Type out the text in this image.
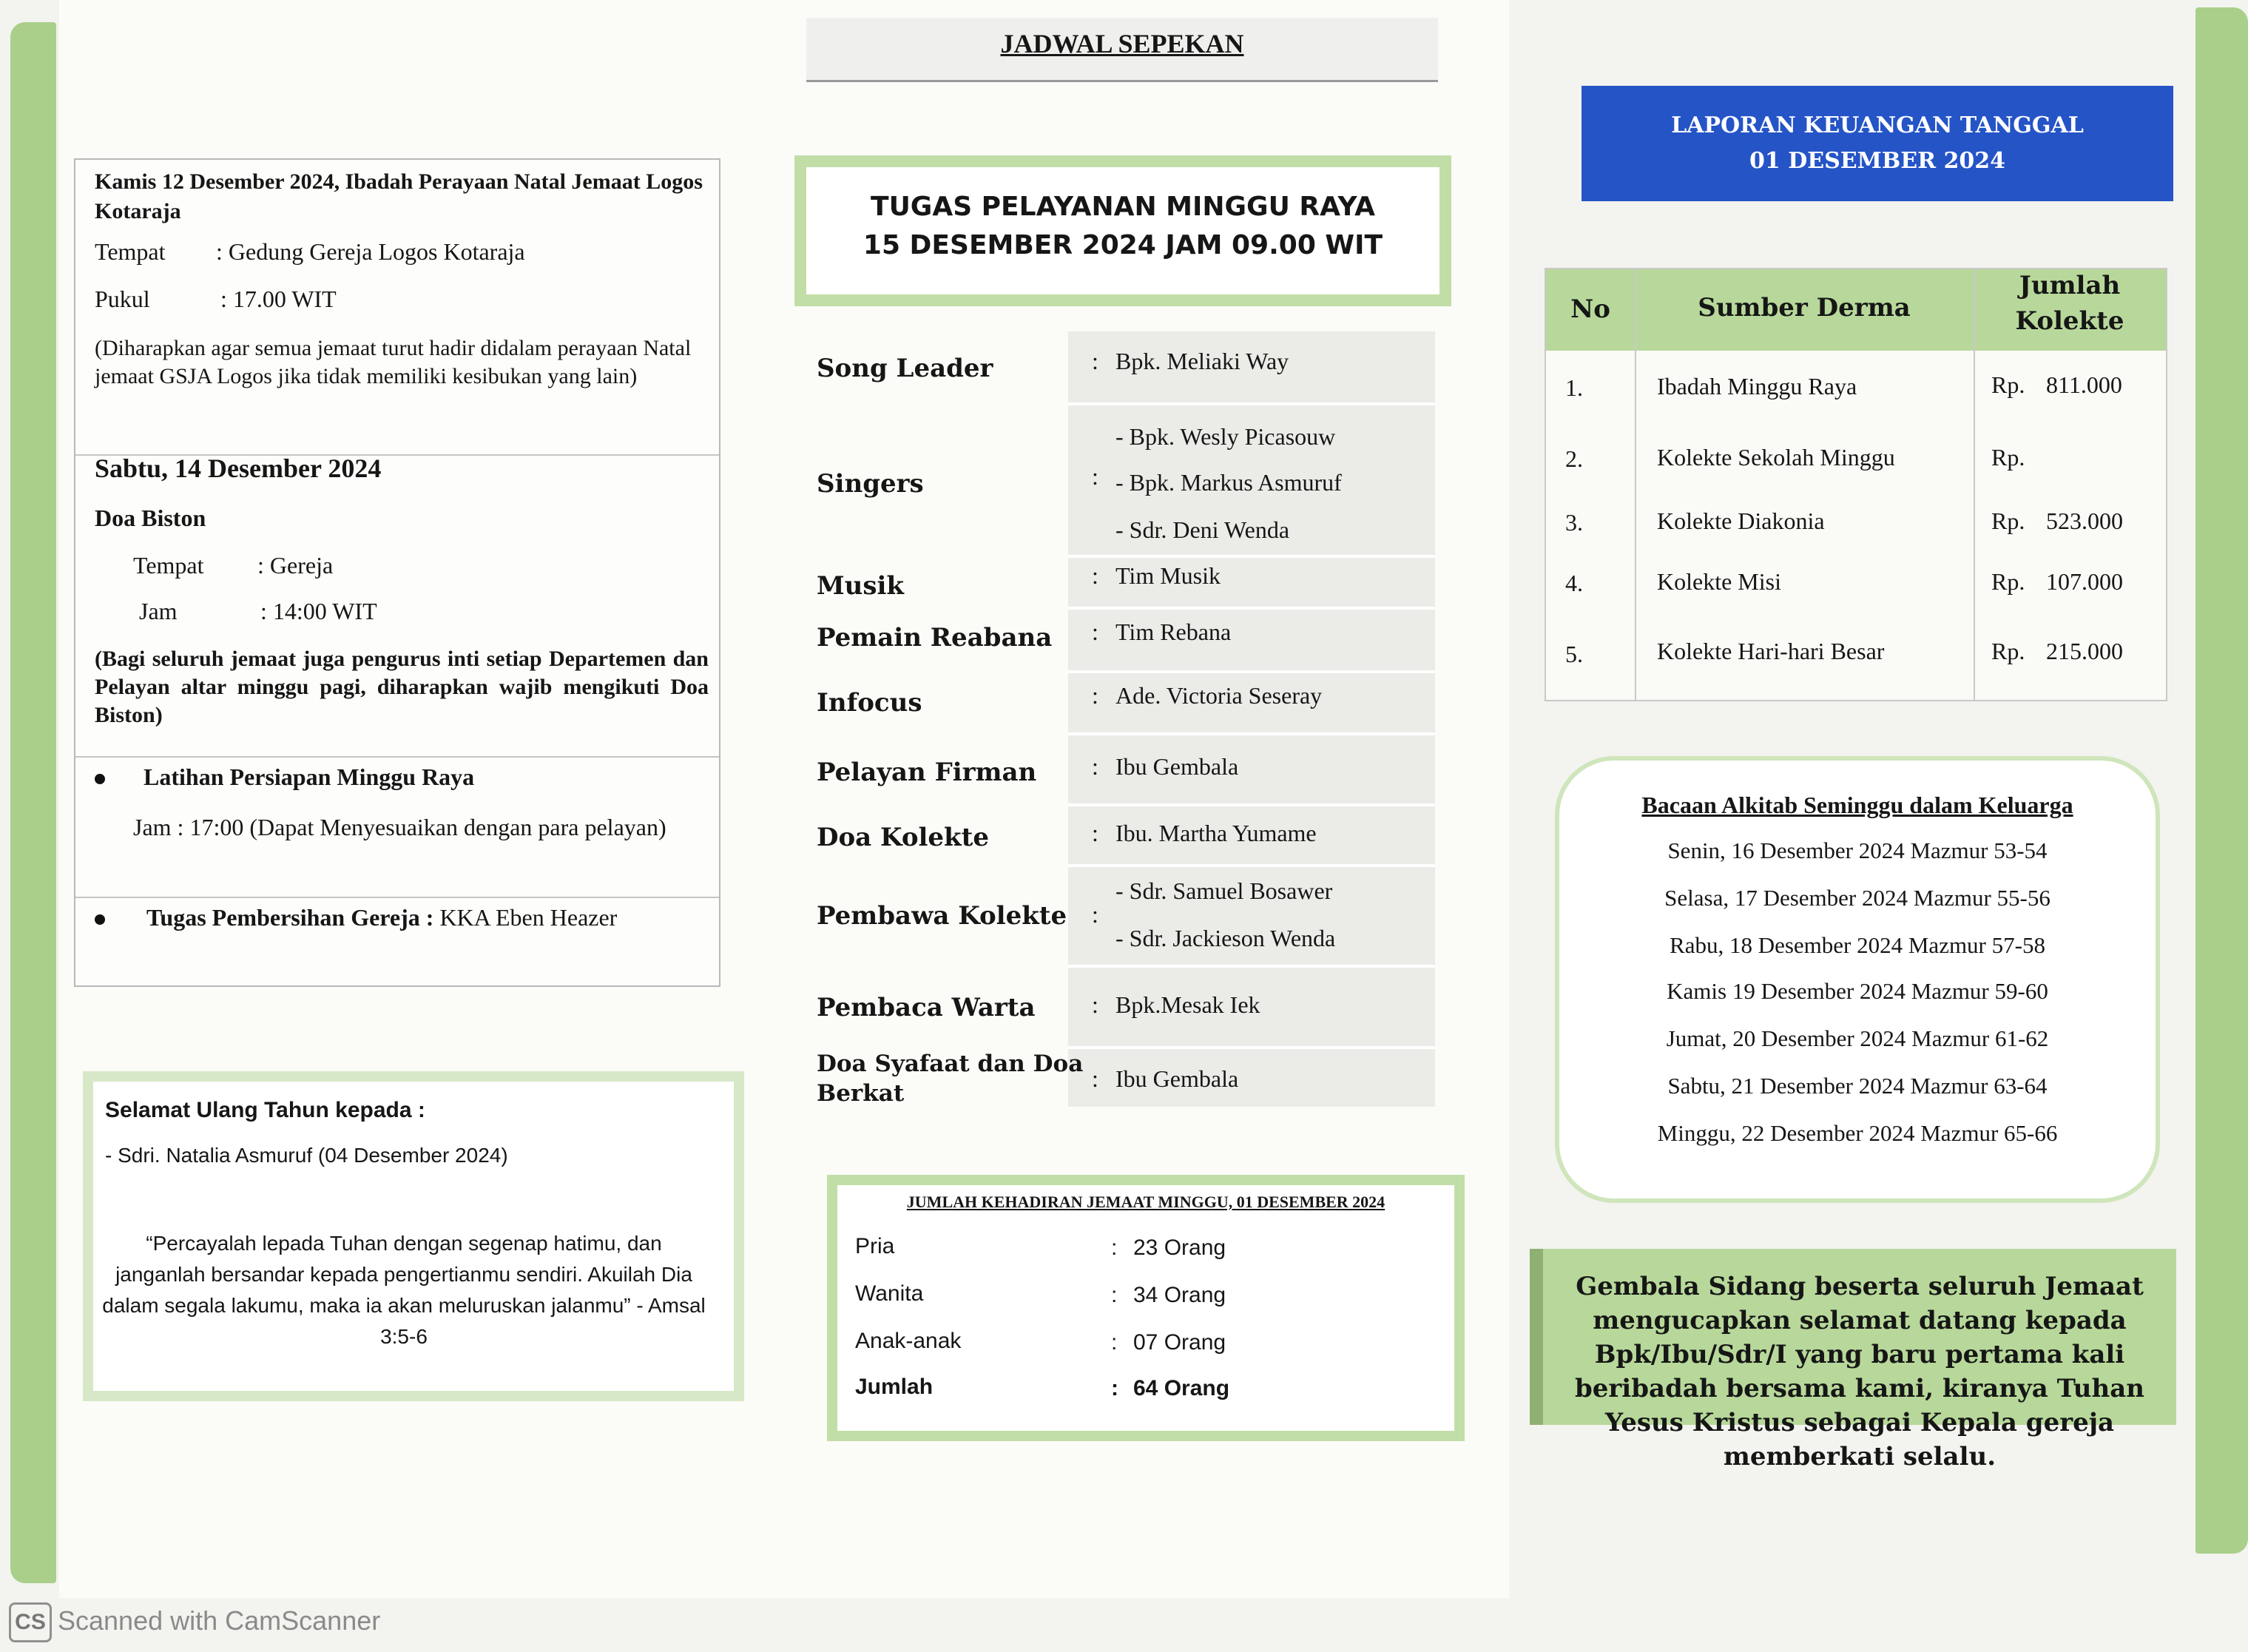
Kamis 12 Desember 2024, Ibadah Perayaan Natal Jemaat Logos Kotaraja
Tempat : Gedung Gereja Logos Kotaraja
Pukul	: 17.00 WIT
(Diharapkan agar semua jemaat turut hadir didalam perayaan Natal jemaat GSJA Logos jika tidak memiliki kesibukan yang lain)
Sabtu, 14 Desember 2024
Doa Biston
Tempat : Gereja
Jam	: 14:00 WIT
(Bagi seluruh jemaat juga pengurus inti setiap Departemen dan Pelayan altar minggu pagi, diharapkan wajib mengikuti Doa Biston)
Latihan Persiapan Minggu Raya
Jam : 17:00 (Dapat Menyesuaikan dengan para pelayan)
Tugas Pembersihan Gereja : KKA Eben Heazer
Selamat Ulang Tahun kepada :
- Sdri. Natalia Asmuruf (04 Desember 2024)
“Percayalah lepada Tuhan dengan segenap hatimu, dan janganlah bersandar kepada pengertianmu sendiri. Akuilah Dia dalam segala lakumu, maka ia akan meluruskan jalanmu” - Amsal 3:5-6
JADWAL SEPEKAN
TUGAS PELAYANAN MINGGU RAYA
15 DESEMBER 2024 JAM 09.00 WIT
Song Leader	: Bpk. Meliaki Way
Singers	:
- Bpk. Wesly Picasouw
- Bpk. Markus Asmuruf
- Sdr. Deni Wenda
Musik	: Tim Musik
Pemain Reabana : Tim Rebana
Infocus	: Ade. Victoria Seseray
Pelayan Firman : Ibu Gembala
Doa Kolekte	: Ibu. Martha Yumame
Pembawa Kolekte :
- Sdr. Samuel Bosawer
- Sdr. Jackieson Wenda
Pembaca Warta : Bpk.Mesak Iek
Doa Syafaat dan Doa
Berkat
: Ibu Gembala
JUMLAH KEHADIRAN JEMAAT MINGGU, 01 DESEMBER 2024
Pria	: 23 Orang
Wanita	: 34 Orang
Anak-anak	: 07 Orang
Jumlah	: 64 Orang
LAPORAN KEUANGAN TANGGAL
01 DESEMBER 2024
No	Sumber Derma
Jumlah
Kolekte
1.	Ibadah Minggu Raya	Rp. 811.000
2.	Kolekte Sekolah Minggu	Rp.
3.	Kolekte Diakonia	Rp. 523.000
4.	Kolekte Misi	Rp. 107.000
5.	Kolekte Hari-hari Besar	Rp. 215.000
Bacaan Alkitab Seminggu dalam Keluarga
Senin, 16 Desember 2024 Mazmur 53-54
Selasa, 17 Desember 2024 Mazmur 55-56
Rabu, 18 Desember 2024 Mazmur 57-58
Kamis 19 Desember 2024 Mazmur 59-60
Jumat, 20 Desember 2024 Mazmur 61-62
Sabtu, 21 Desember 2024 Mazmur 63-64
Minggu, 22 Desember 2024 Mazmur 65-66
Gembala Sidang beserta seluruh Jemaat mengucapkan selamat datang kepada Bpk/Ibu/Sdr/I yang baru pertama kali beribadah bersama kami, kiranya Tuhan Yesus Kristus sebagai Kepala gereja memberkati selalu.
CS Scanned with CamScanner
